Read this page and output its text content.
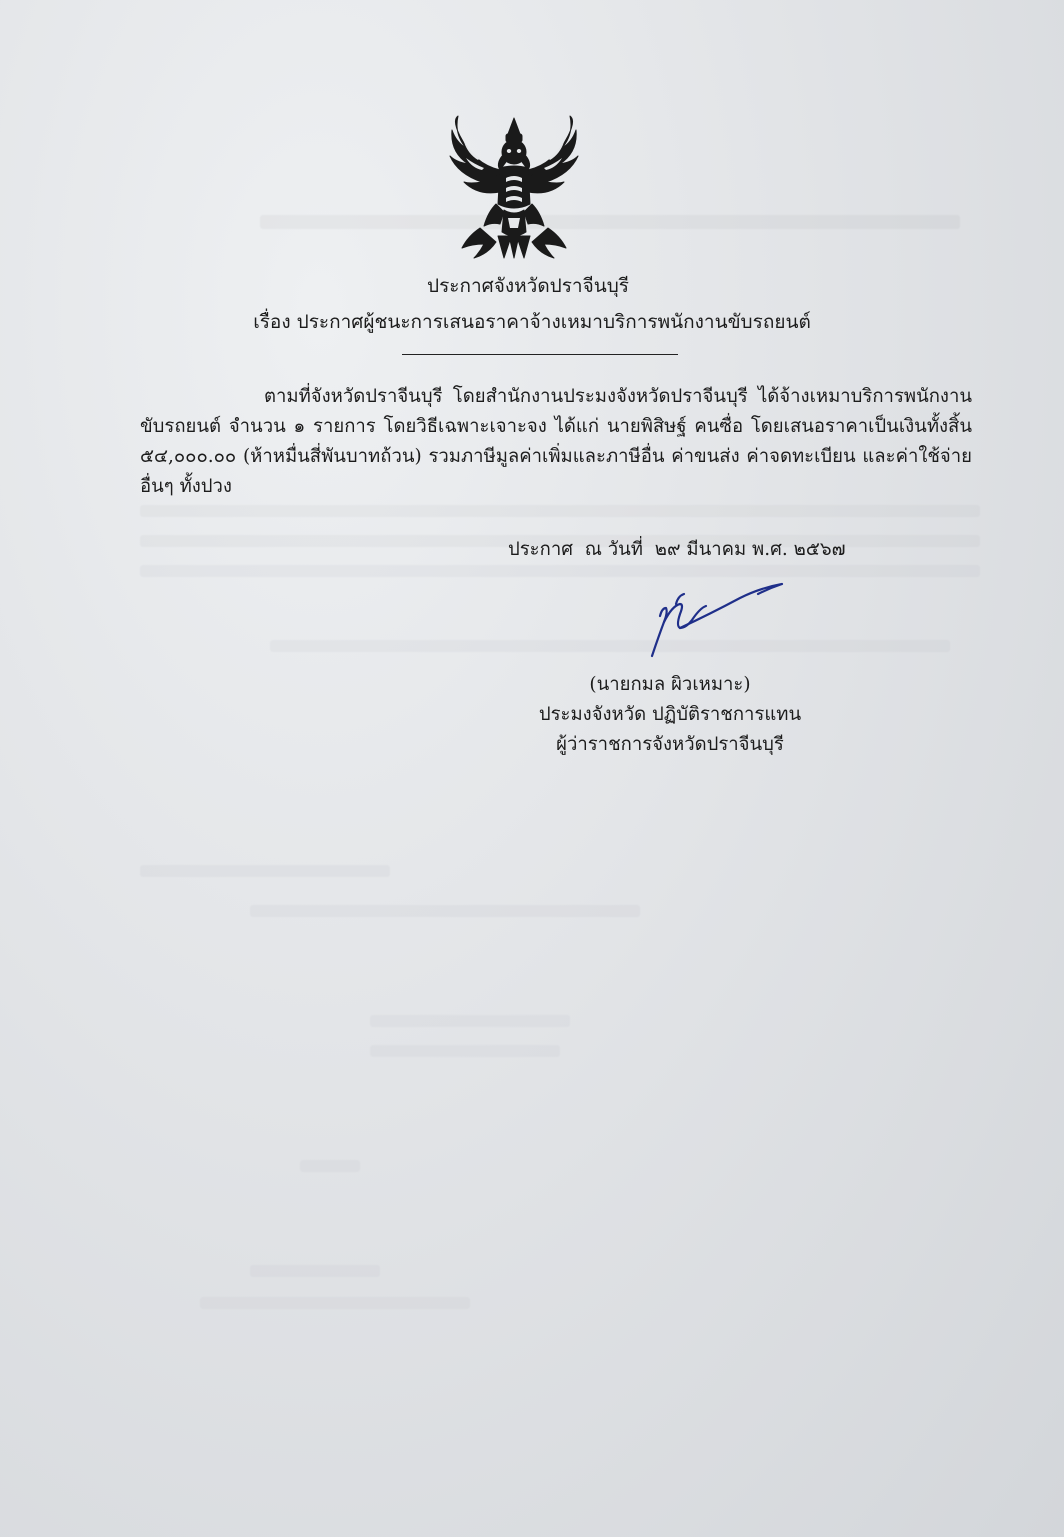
ประกาศจังหวัดปราจีนบุรี
เรื่อง ประกาศผู้ชนะการเสนอราคาจ้างเหมาบริการพนักงานขับรถยนต์
ตามที่จังหวัดปราจีนบุรี โดยสำนักงานประมงจังหวัดปราจีนบุรี ได้จ้างเหมาบริการพนักงาน
ขับรถยนต์ จำนวน ๑ รายการ โดยวิธีเฉพาะเจาะจง ได้แก่ นายพิสิษฐ์ คนซื่อ โดยเสนอราคาเป็นเงินทั้งสิ้น
๕๔,๐๐๐.๐๐ (ห้าหมื่นสี่พันบาทถ้วน) รวมภาษีมูลค่าเพิ่มและภาษีอื่น ค่าขนส่ง ค่าจดทะเบียน และค่าใช้จ่าย
อื่นๆ ทั้งปวง
ประกาศ  ณ วันที่  ๒๙ มีนาคม พ.ศ. ๒๕๖๗
(นายกมล ผิวเหมาะ)
ประมงจังหวัด ปฏิบัติราชการแทน
ผู้ว่าราชการจังหวัดปราจีนบุรี
